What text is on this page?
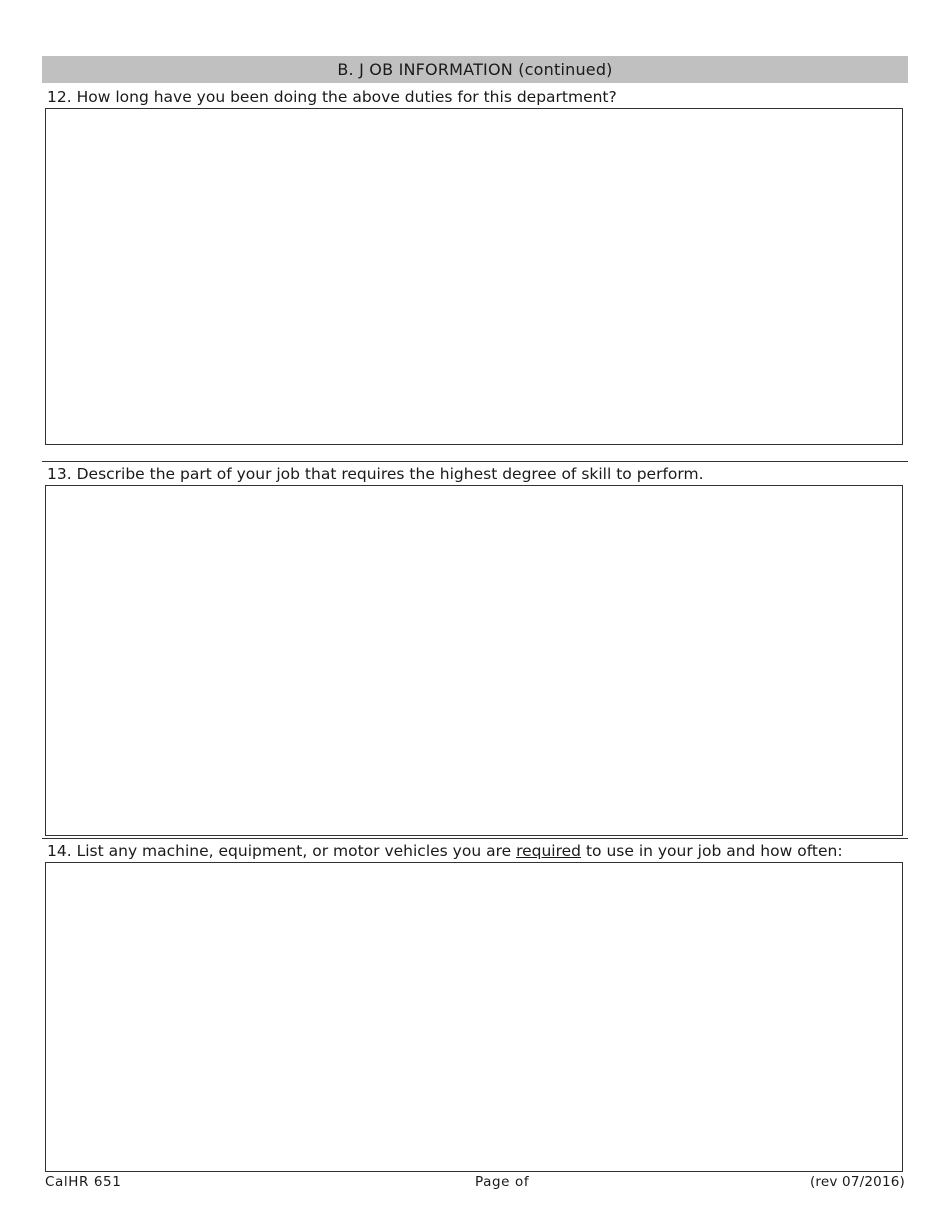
B. J OB INFORMATION (continued)
12. How long have you been doing the above duties for this department?
13. Describe the part of your job that requires the highest degree of skill to perform.
14. List any machine, equipment, or motor vehicles you are required to use in your job and how often:
CalHR 651	Page of	(rev 07/2016)
